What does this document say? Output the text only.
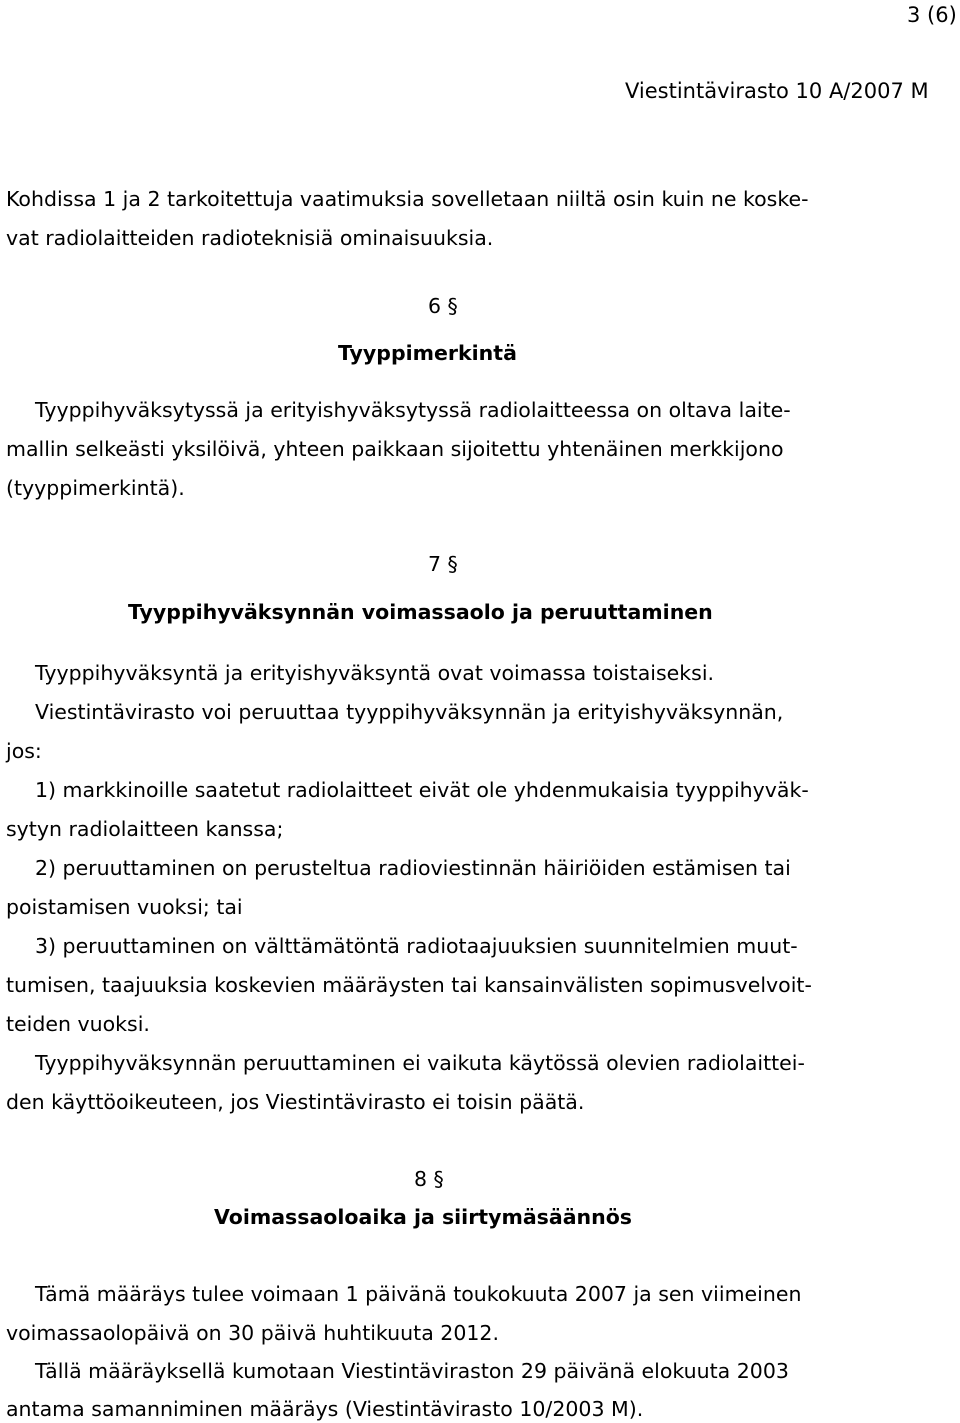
3 (6)

Viestintävirasto 10 A/2007 M

Kohdissa 1 ja 2 tarkoitettuja vaatimuksia sovelletaan niiltä osin kuin ne koske-

vat radiolaitteiden radioteknisiä ominaisuuksia.

6 §

Tyyppimerkintä

Tyyppihyväksytyssä ja erityishyväksytyssä radiolaitteessa on oltava laite-

mallin selkeästi yksilöivä, yhteen paikkaan sijoitettu yhtenäinen merkkijono

(tyyppimerkintä).

7 §

Tyyppihyväksynnän voimassaolo ja peruuttaminen

Tyyppihyväksyntä ja erityishyväksyntä ovat voimassa toistaiseksi.

Viestintävirasto voi peruuttaa tyyppihyväksynnän ja erityishyväksynnän,

jos:

1) markkinoille saatetut radiolaitteet eivät ole yhdenmukaisia tyyppihyväk-

sytyn radiolaitteen kanssa;

2) peruuttaminen on perusteltua radioviestinnän häiriöiden estämisen tai

poistamisen vuoksi; tai

3) peruuttaminen on välttämätöntä radiotaajuuksien suunnitelmien muut-

tumisen, taajuuksia koskevien määräysten tai kansainvälisten sopimusvelvoit-

teiden vuoksi.

Tyyppihyväksynnän peruuttaminen ei vaikuta käytössä olevien radiolaittei-

den käyttöoikeuteen, jos Viestintävirasto ei toisin päätä.

8 §

Voimassaoloaika ja siirtymäsäännös

Tämä määräys tulee voimaan 1 päivänä toukokuuta 2007 ja sen viimeinen

voimassaolopäivä on 30 päivä huhtikuuta 2012.

Tällä määräyksellä kumotaan Viestintäviraston 29 päivänä elokuuta 2003

antama samanniminen määräys (Viestintävirasto 10/2003 M).
